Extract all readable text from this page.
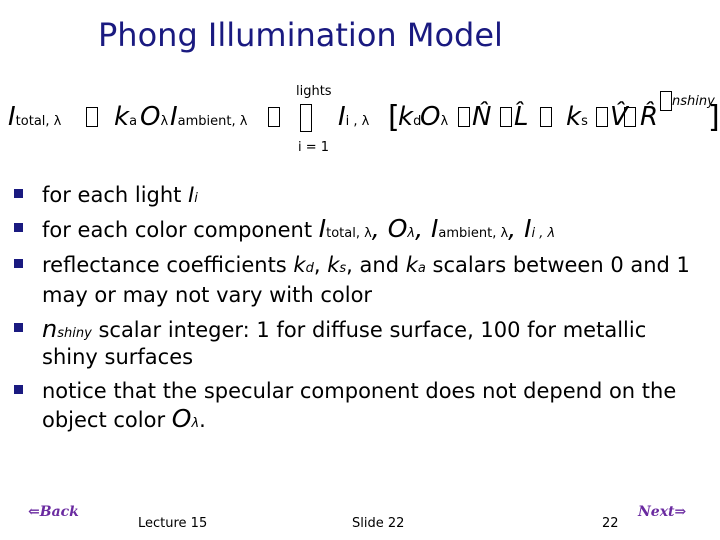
Phong Illumination Model
Itotal, λ ka Oλ Iambient, λ
lights
i = 1
Ii , λ [
kd
Oλ N̂ L̂ ks V̂ R̂
nshiny
]
for each light Ii
for each color component Itotal, λ, Oλ, Iambient, λ, Ii , λ
reflectance coefficients kd, ks, and ka scalars between 0 and 1
may or may not vary with color
nshiny scalar integer: 1 for diffuse surface, 100 for metallic
shiny surfaces
notice that the specular component does not depend on the
object color Oλ.
⇐Back
Lecture 15	Slide 22	22
Next⇒
